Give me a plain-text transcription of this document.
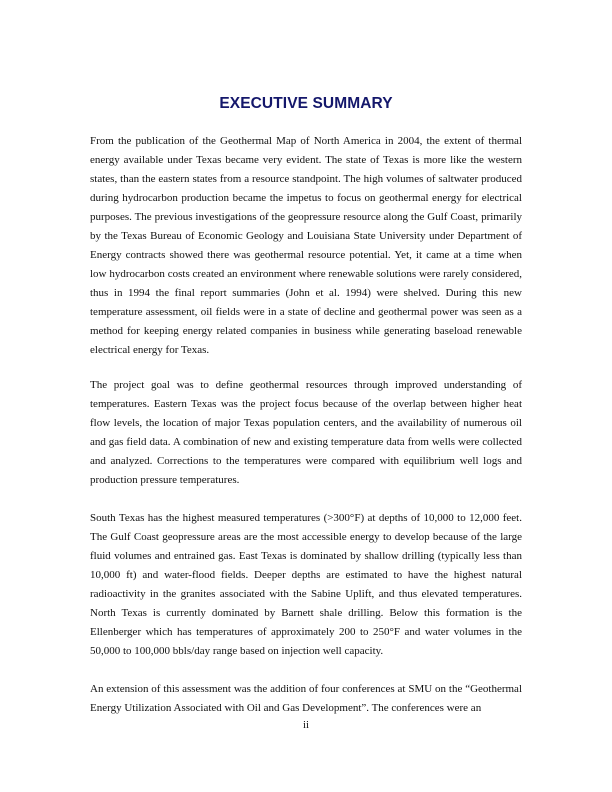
EXECUTIVE SUMMARY

From the publication of the Geothermal Map of North America in 2004, the extent of thermal energy available under Texas became very evident. The state of Texas is more like the western states, than the eastern states from a resource standpoint. The high volumes of saltwater produced during hydrocarbon production became the impetus to focus on geothermal energy for electrical purposes. The previous investigations of the geopressure resource along the Gulf Coast, primarily by the Texas Bureau of Economic Geology and Louisiana State University under Department of Energy contracts showed there was geothermal resource potential. Yet, it came at a time when low hydrocarbon costs created an environment where renewable solutions were rarely considered, thus in 1994 the final report summaries (John et al. 1994) were shelved. During this new temperature assessment, oil fields were in a state of decline and geothermal power was seen as a method for keeping energy related companies in business while generating baseload renewable electrical energy for Texas.

The project goal was to define geothermal resources through improved understanding of temperatures. Eastern Texas was the project focus because of the overlap between higher heat flow levels, the location of major Texas population centers, and the availability of numerous oil and gas field data. A combination of new and existing temperature data from wells were collected and analyzed. Corrections to the temperatures were compared with equilibrium well logs and production pressure temperatures.

South Texas has the highest measured temperatures (>300°F) at depths of 10,000 to 12,000 feet. The Gulf Coast geopressure areas are the most accessible energy to develop because of the large fluid volumes and entrained gas. East Texas is dominated by shallow drilling (typically less than 10,000 ft) and water-flood fields. Deeper depths are estimated to have the highest natural radioactivity in the granites associated with the Sabine Uplift, and thus elevated temperatures. North Texas is currently dominated by Barnett shale drilling. Below this formation is the Ellenberger which has temperatures of approximately 200 to 250°F and water volumes in the 50,000 to 100,000 bbls/day range based on injection well capacity.

An extension of this assessment was the addition of four conferences at SMU on the “Geothermal Energy Utilization Associated with Oil and Gas Development”. The conferences were an

ii
